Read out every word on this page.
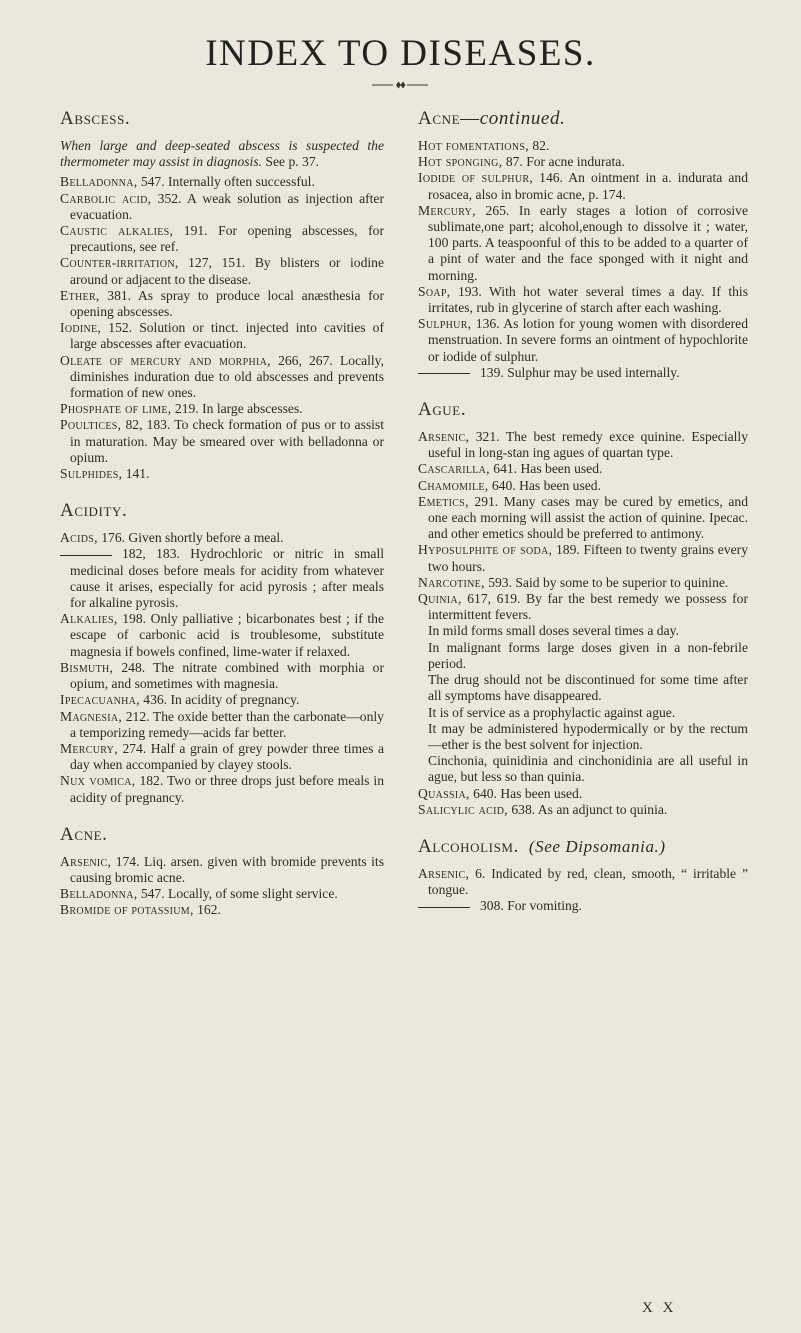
INDEX TO DISEASES.
Abscess.

When large and deep-seated abscess is suspected the thermometer may assist in diagnosis. See p. 37.

Belladonna, 547. Internally often successful.

Carbolic acid, 352. A weak solution as injection after evacuation.

Caustic alkalies, 191. For opening abscesses, for precautions, see ref.

Counter-irritation, 127, 151. By blisters or iodine around or adjacent to the disease.

Ether, 381. As spray to produce local anæsthesia for opening abscesses.

Iodine, 152. Solution or tinct. injected into cavities of large abscesses after evacuation.

Oleate of mercury and morphia, 266, 267. Locally, diminishes induration due to old abscesses and prevents formation of new ones.

Phosphate of lime, 219. In large abscesses.

Poultices, 82, 183. To check formation of pus or to assist in maturation. May be smeared over with belladonna or opium.

Sulphides, 141.

Acidity.

Acids, 176. Given shortly before a meal.

182, 183. Hydrochloric or nitric in small medicinal doses before meals for acidity from whatever cause it arises, especially for acid pyrosis ; after meals for alkaline pyrosis.

Alkalies, 198. Only palliative ; bicarbonates best ; if the escape of carbonic acid is troublesome, substitute magnesia if bowels confined, lime-water if relaxed.

Bismuth, 248. The nitrate combined with morphia or opium, and sometimes with magnesia.

Ipecacuanha, 436. In acidity of pregnancy.

Magnesia, 212. The oxide better than the carbonate—only a temporizing remedy—acids far better.

Mercury, 274. Half a grain of grey powder three times a day when accompanied by clayey stools.

Nux vomica, 182. Two or three drops just before meals in acidity of pregnancy.

Acne.

Arsenic, 174. Liq. arsen. given with bromide prevents its causing bromic acne.

Belladonna, 547. Locally, of some slight service.

Bromide of potassium, 162.

Acne—continued.

Hot fomentations, 82.

Hot sponging, 87. For acne indurata.

Iodide of sulphur, 146. An ointment in a. indurata and rosacea, also in bromic acne, p. 174.

Mercury, 265. In early stages a lotion of corrosive sublimate,one part; alcohol,enough to dissolve it ; water, 100 parts. A teaspoonful of this to be added to a quarter of a pint of water and the face sponged with it night and morning.

Soap, 193. With hot water several times a day. If this irritates, rub in glycerine of starch after each washing.

Sulphur, 136. As lotion for young women with disordered menstruation. In severe forms an ointment of hypochlorite or iodide of sulphur.

139. Sulphur may be used internally.

Ague.

Arsenic, 321. The best remedy exce quinine. Especially useful in long-stan ing agues of quartan type.

Cascarilla, 641. Has been used.

Chamomile, 640. Has been used.

Emetics, 291. Many cases may be cured by emetics, and one each morning will assist the action of quinine. Ipecac. and other emetics should be preferred to antimony.

Hyposulphite of soda, 189. Fifteen to twenty grains every two hours.

Narcotine, 593. Said by some to be superior to quinine.

Quinia, 617, 619. By far the best remedy we possess for intermittent fevers.

In mild forms small doses several times a day.

In malignant forms large doses given in a non-febrile period.

The drug should not be discontinued for some time after all symptoms have disappeared.

It is of service as a prophylactic against ague.

It may be administered hypodermically or by the rectum—ether is the best solvent for injection.

Cinchonia, quinidinia and cinchonidinia are all useful in ague, but less so than quinia.

Quassia, 640. Has been used.

Salicylic acid, 638. As an adjunct to quinia.

Alcoholism. (See Dipsomania.)

Arsenic, 6. Indicated by red, clean, smooth, “ irritable ” tongue.

308. For vomiting.

X X
